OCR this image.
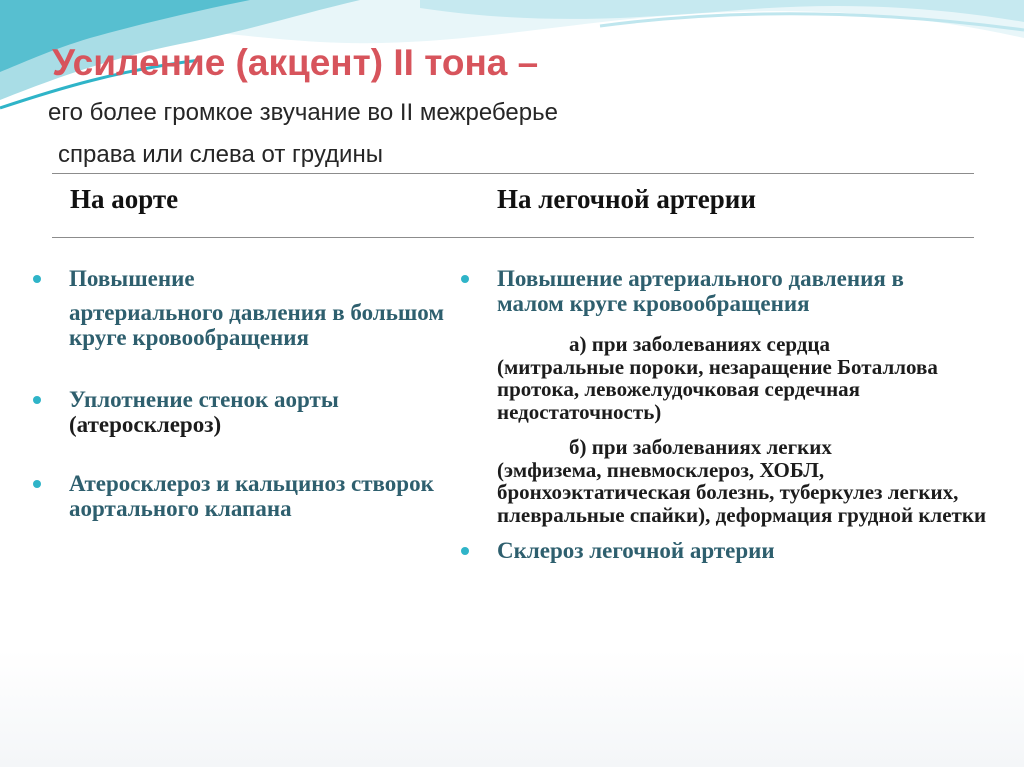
Усиление (акцент) II тона –

его более громкое звучание во II межреберье

справа или слева от грудины

На аорте	На легочной артерии
Повышение
артериального давления в большом круге кровообращения
Уплотнение стенок аорты
(атеросклероз)
Атеросклероз и кальциноз створок аортального клапана
Повышение артериального давления в малом круге кровообращения
а) при заболеваниях сердца
(митральные пороки, незаращение Боталлова протока, левожелудочковая сердечная недостаточность)
б) при заболеваниях легких
(эмфизема, пневмосклероз, ХОБЛ, бронхоэктатическая болезнь, туберкулез легких, плевральные спайки), деформация грудной клетки
Склероз легочной артерии
